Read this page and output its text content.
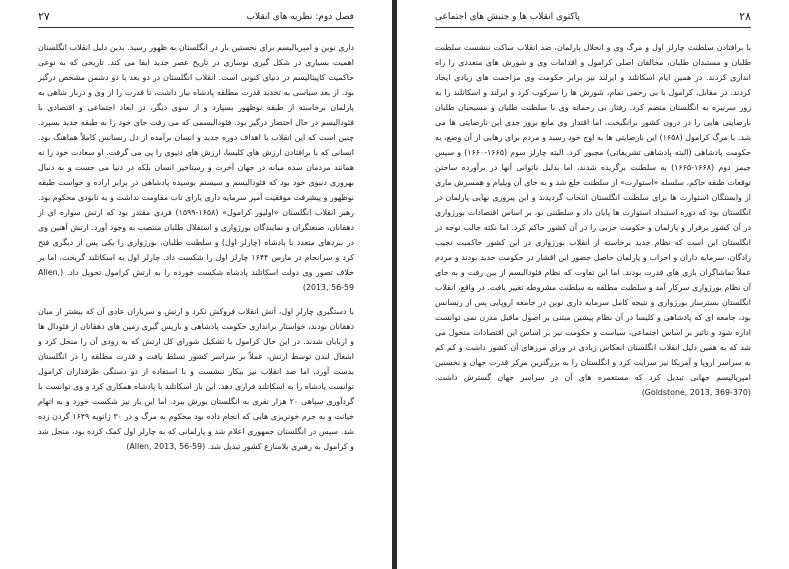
۲۷	فصل دوم: نظریه های انقلاب

داری نوین و امپریالیسم برای نخستین بار در انگلستان به ظهور رسید. بدین دلیل انقلاب انگلستان اهمیت بسیاری در شکل گیری نوسازی در تاریخ عصر جدید ایفا می کند. تاریخی که به نوعی حاکمیت کاپیتالیسم در دنیای کنونی است. انقلاب انگلستان در دو بعد با دو دشمن مشخص درگیر بود. از بعد سیاسی به تحدید قدرت مطلقه پادشاه نیاز داشت، تا قدرت را از وی و دربار شاهی به پارلمان برخاسته از طبقه نوظهور بسپارد و از سوی دیگر، در ابعاد اجتماعی و اقتصادی با فئودالیسم در حال احتضار درگیر بود. فئودالیسمی که می رفت جای خود را به طبقه جدید بسپرد. چنین است که این انقلاب با اهداف دوره جدید و انسان برآمده از دل رنسانس کاملاً هماهنگ بود. انسانی که با برافتادن ارزش های کلیسا، ارزش های دنیوی را پی می گرفت. او سعادت خود را نه همانند مردمان سده میانه در جهان آخرت و رستاخیز انسان بلکه در دنیا می جست و به دنبال بهروزی دنیوی خود بود که فئودالیسم و سیستم بوسیده پادشاهی در برابر اراده و خواست طبقه نوظهور و پیشرفت موفقیت آمیز سرمایه داری یارای تاب مقاومت نداشت و به نابودی محکوم بود. رهبر انقلاب انگلستان «اولیور کرامول» (۱۶۵۸-۱۵۹۹) فردی مقتدر بود که ارتش سواره ای از دهقانان، صنعتگران و نمایندگان بورژوازی و استقلال طلبان منتصب به وجود آورد. ارتش آهنین وی در نبردهای متعدد با پادشاه (چارلز اول) و سلطنت طلبان، بورژوازی را یکی پس از دیگری فتح کرد و سرانجام در مارس ۱۶۴۴ چارلز اول را شکست داد. چارلز اول به اسکاتلند گریخت، اما بر خلاف تصور وی دولت اسکاتلند پادشاه شکست خورده را به ارتش کرامول تحویل داد. (Allen, 2013, 56-59)

با دستگیری چارلز اول، آتش انقلاب فروکش نکرد و ارتش و سربازان عادی آن که بیشتر از میان دهقانان بودند، خواستار براندازی حکومت پادشاهی و بازپس گیری زمین های دهقانان از فئودال ها و اربابان شدند. در این حال کرامول با تشکیل شورای کل ارتش که به زودی آن را منحل کرد و اشغال لندن توسط ارتش، عملاً بر سراسر کشور تسلط یافت و قدرت مطلقه را در انگلستان بدست آورد، اما ضد انقلاب نیز بیکار ننشست و با استفاده از دو دستگی طرفداران کرامول توانست پادشاه را به اسکاتلند فراری دهد. این بار اسکاتلند با پادشاه همکاری کرد و وی توانست با گردآوری سپاهی ۲۰ هزار نفری به انگلستان یورش ببرد. اما این بار نیز شکست خورد و به اتهام خیانت و به جرم خونریزی هایی که انجام داده بود محکوم به مرگ و در ۳۰ ژانویه ۱۶۴۹ گردن زده شد. سپس در انگلستان جمهوری اعلام شد و پارلمانی که به چارلز اول کمک کرده بود، منحل شد و کرامول به رهبری بلامنازع کشور تبدیل شد. (Allen, 2013, 56-59)

۲۸
پاکتوی انقلاب ها و جنبش های اجتماعی

با برافتادن سلطنت چارلز اول و مرگ وی و انحلال پارلمان، ضد انقلاب ساکت ننشست سلطنت طلبان و مستبدان طلبان، مخالفان اصلی کرامول و اقدامات وی و شورش های متعددی را راه اندازی کردند. در همین ایام اسکاتلند و ایرلند نیز برابر حکومت وی مزاحمت های زیادی ایجاد کردند. در مقابل، کرامول با بی رحمی تمام، شورش ها را سرکوب کرد و ایرلند و اسکاتلند را به زور سرنیزه به انگلستان منضم کرد. رفتار بی رحمانه وی با سلطنت طلبان و مسیحیان طلبان نارضایتی هایی را در درون کشور برانگیخت، اما اقتدار وی مانع بروز جدی این نارضایتی ها می شد. با مرگ کرامول (۱۶۵۸) این نارضایتی ها به اوج خود رسید و مردم برای رهایی از آن وضع، به حکومت پادشاهی (البته پادشاهی تشریفاتی) مجبور کرد. البته چارلز سوم (۱۶۶۵-۱۶۶۰) و سپس جیمز دوم (۱۶۶۸-۱۶۶۵) به سلطنت برگزیده شدند، اما بدلیل ناتوانی آنها در برآورده ساختن توقعات طبقه حاکم، سلسله «استوارت» از سلطنت خلع شد و به جای آن ویلیام و همسرش ماری از وابستگان استوارت ها برای سلطنت انگلستان انتخاب گردیدند و این پیروزی نهایی پارلمان در انگلستان بود که دوره استبداد استوارت ها پایان داد و سلطنتی نو، بر اساس اقتصادات بورژوازی در آن کشور برقرار و پارلمان و حکومت حزبی را در آن کشور حاکم کرد. اما نکته جالب توجه در انگلستان این است که نظام جدید برخاسته از انقلاب بورژوازی در این کشور حاکمیت نجیب زادگان، سرمایه داران و احزاب و پارلمان حاصل حضور این اقشار در حکومت جدید بودند و مردم عملاً تماشاگران بازی های قدرت بودند. اما این تفاوت که نظام فئودالیسم از بین رفت و به جای آن نظام بورژوازی سرکار آمد و سلطنت مطلقه به سلطنت مشروطه تغییر یافت. در واقع، انقلاب انگلستان بسترساز بورژوازی و نتیجه کامل سرمایه داری نوین در جامعه اروپایی پس از رنسانس بود، جامعه ای که پادشاهی و کلیسا در آن نظام پیشین مبتنی بر اصول ماقبل مدرن نمی توانست اداره شود و تاثیر بر اساس اجتماعی، سیاست و حکومت نیز بر اساس این اقتصادات متحول می شد که به همین دلیل انقلاب انگلستان انعکاس زیادی در ورای مرزهای آن کشور داشت و کم کم به سراسر اروپا و آمریکا نیز سرایت کرد و انگلستان را به بزرگترین مرکز قدرت جهان و نخستین امپریالیسم جهانی تبدیل کرد که مستعمره های آن در سراسر جهان گسترش داشت. (Goldstone, 2013, 369-370)
